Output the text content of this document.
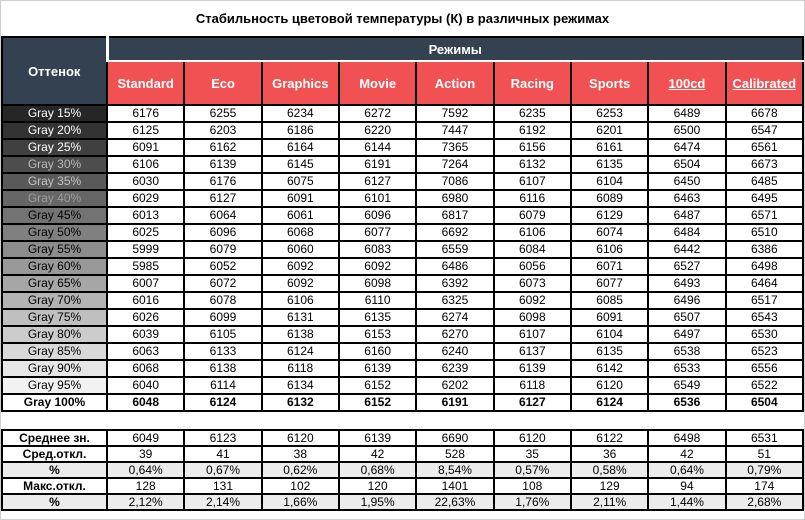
Стабильность цветовой температуры (К) в различных режимах
Оттенок	Режимы								
	Standard	Eco	Graphics	Movie	Action	Racing	Sports	100cd	Calibrated
Gray 15%	6176	6255	6234	6272	7592	6235	6253	6489	6678
Gray 20%	6125	6203	6186	6220	7447	6192	6201	6500	6547
Gray 25%	6091	6162	6164	6144	7365	6156	6161	6474	6561
Gray 30%	6106	6139	6145	6191	7264	6132	6135	6504	6673
Gray 35%	6030	6176	6075	6127	7086	6107	6104	6450	6485
Gray 40%	6029	6127	6091	6101	6980	6116	6089	6463	6495
Gray 45%	6013	6064	6061	6096	6817	6079	6129	6487	6571
Gray 50%	6025	6096	6068	6077	6692	6106	6074	6484	6510
Gray 55%	5999	6079	6060	6083	6559	6084	6106	6442	6386
Gray 60%	5985	6052	6092	6092	6486	6056	6071	6527	6498
Gray 65%	6007	6072	6092	6098	6392	6073	6077	6493	6464
Gray 70%	6016	6078	6106	6110	6325	6092	6085	6496	6517
Gray 75%	6026	6099	6131	6135	6274	6098	6091	6507	6543
Gray 80%	6039	6105	6138	6153	6270	6107	6104	6497	6530
Gray 85%	6063	6133	6124	6160	6240	6137	6135	6538	6523
Gray 90%	6068	6138	6118	6139	6239	6139	6142	6533	6556
Gray 95%	6040	6114	6134	6152	6202	6118	6120	6549	6522
Gray 100%	6048	6124	6132	6152	6191	6127	6124	6536	6504
Среднее зн.	6049	6123	6120	6139	6690	6120	6122	6498	6531
Сред.откл.	39	41	38	42	528	35	36	42	51
%	0,64%	0,67%	0,62%	0,68%	8,54%	0,57%	0,58%	0,64%	0,79%
Макс.откл.	128	131	102	120	1401	108	129	94	174
%	2,12%	2,14%	1,66%	1,95%	22,63%	1,76%	2,11%	1,44%	2,68%
